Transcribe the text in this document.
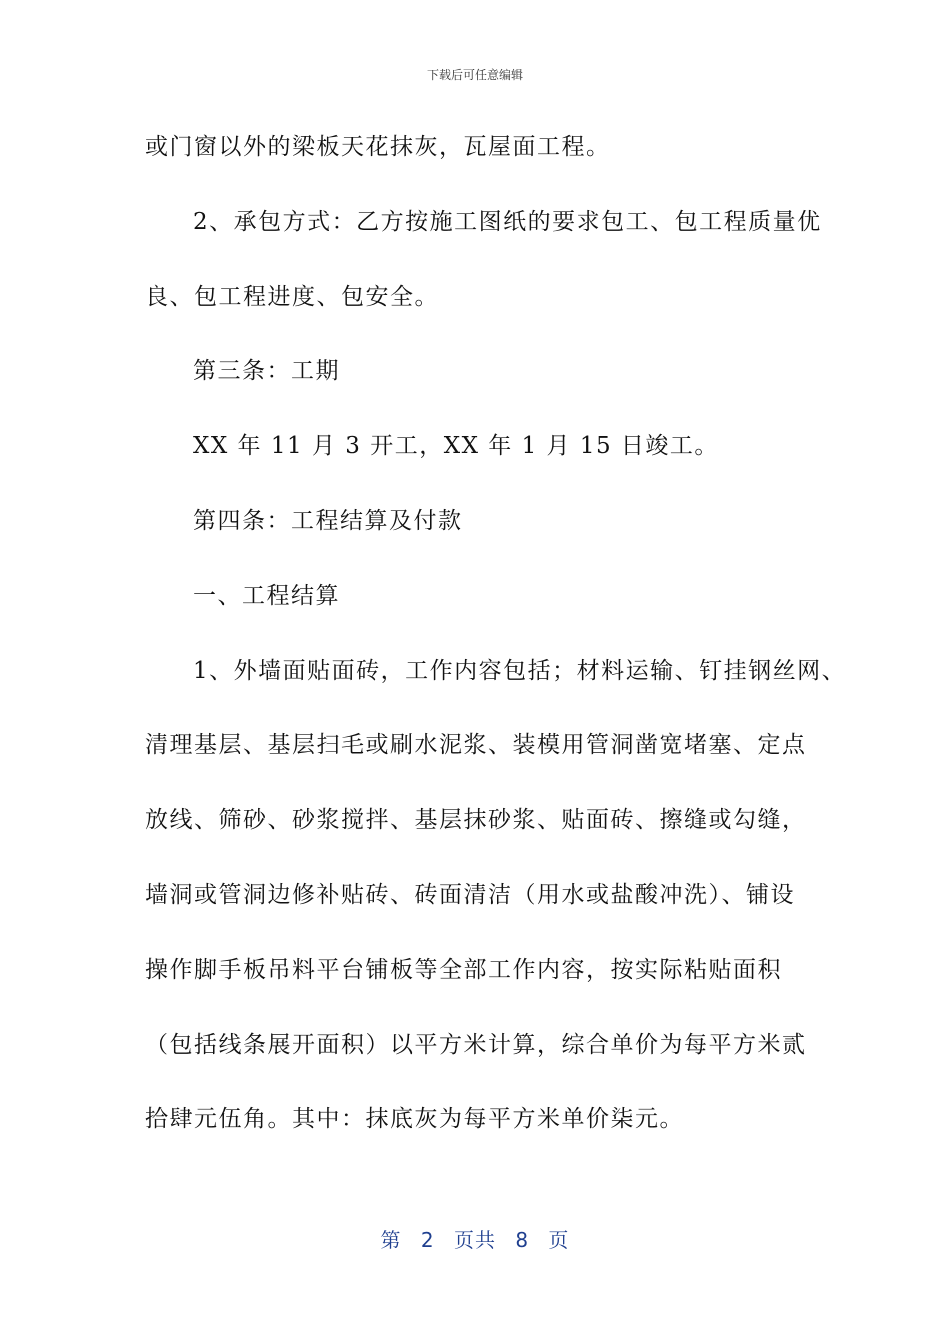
下载后可任意编辑
或门窗以外的梁板天花抹灰，瓦屋面工程。
2、承包方式：乙方按施工图纸的要求包工、包工程质量优
良、包工程进度、包安全。
第三条：工期
XX 年 11 月 3 开工，XX 年 1 月 15 日竣工。
第四条：工程结算及付款
一、工程结算
1、外墙面贴面砖，工作内容包括；材料运输、钉挂钢丝网、
清理基层、基层扫毛或刷水泥浆、装模用管洞凿宽堵塞、定点
放线、筛砂、砂浆搅拌、基层抹砂浆、贴面砖、擦缝或勾缝，
墙洞或管洞边修补贴砖、砖面清洁（用水或盐酸冲洗）、铺设
操作脚手板吊料平台铺板等全部工作内容，按实际粘贴面积
（包括线条展开面积）以平方米计算，综合单价为每平方米贰
拾肆元伍角。其中：抹底灰为每平方米单价柒元。
第 2 页共 8 页
